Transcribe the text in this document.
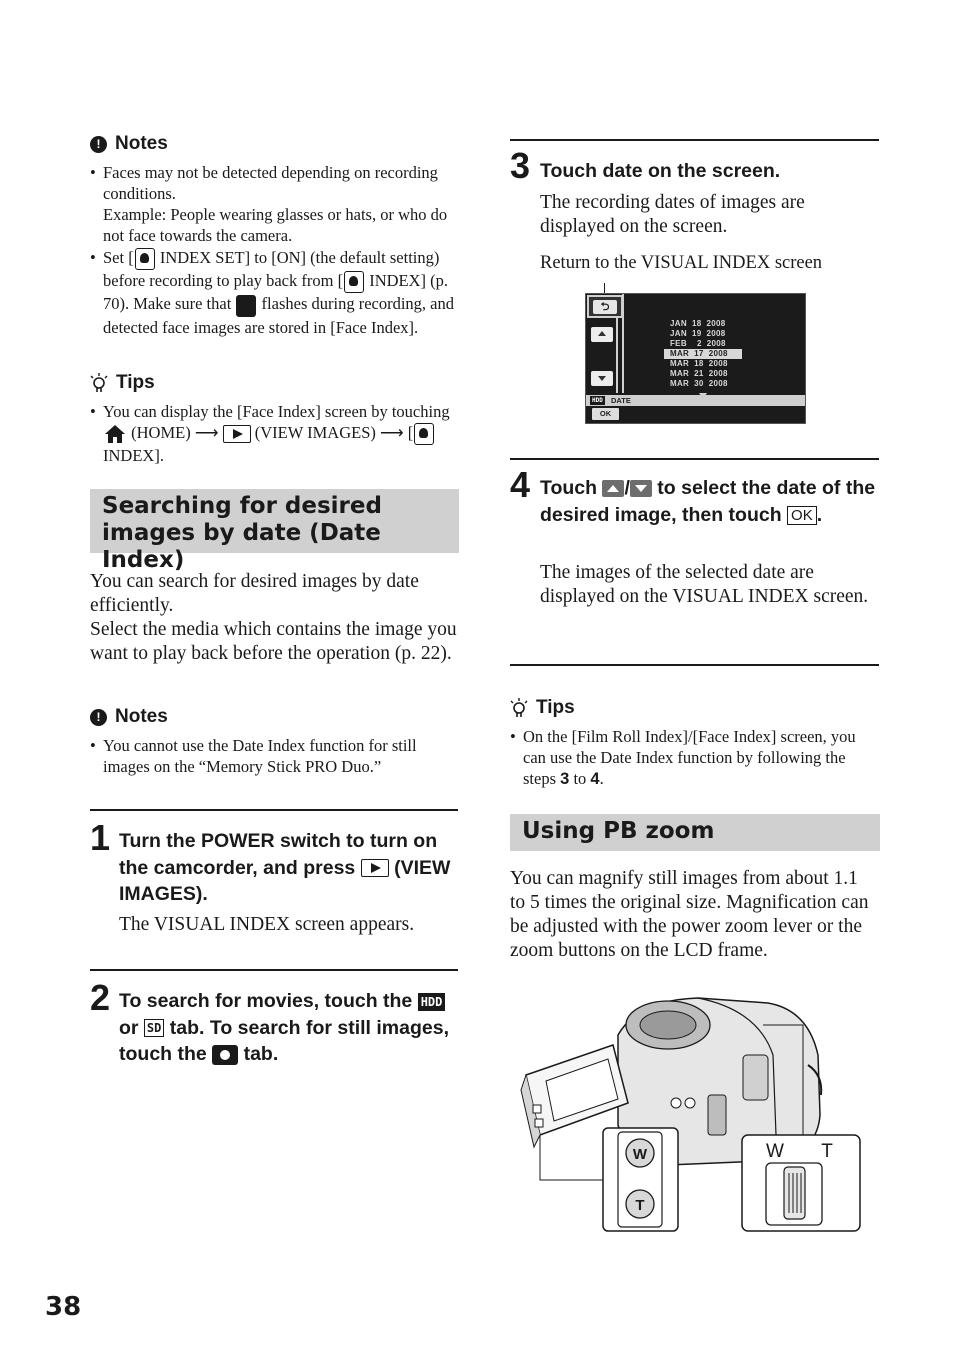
! Notes
• Faces may not be detected depending on recording conditions.
Example: People wearing glasses or hats, or who do not face towards the camera.
• Set [ INDEX SET] to [ON] (the default setting) before recording to play back from [ INDEX] (p. 70). Make sure that  flashes during recording, and detected face images are stored in [Face Index].
Tips
• You can display the [Face Index] screen by touching  (HOME) ⟶  (VIEW IMAGES) ⟶ [ INDEX].
Searching for desired images by date (Date Index)
You can search for desired images by date efficiently.
Select the media which contains the image you want to play back before the operation (p. 22).
! Notes
• You cannot use the Date Index function for still images on the “Memory Stick PRO Duo.”
1 Turn the POWER switch to turn on the camcorder, and press  (VIEW IMAGES).
The VISUAL INDEX screen appears.
2 To search for movies, touch the HDD or SD tab. To search for still images, touch the  tab.
3 Touch date on the screen.
The recording dates of images are displayed on the screen.
Return to the VISUAL INDEX screen
⮌
JAN  18  2008
JAN  19  2008
FEB    2  2008
MAR  17  2008
MAR  18  2008
MAR  21  2008
MAR  30  2008
HDD DATE
OK
4 Touch / to select the date of the desired image, then touch OK .
The images of the selected date are displayed on the VISUAL INDEX screen.
Tips
• On the [Film Roll Index]/[Face Index] screen, you can use the Date Index function by following the steps 3 to 4.
Using PB zoom
You can magnify still images from about 1.1 to 5 times the original size. Magnification can be adjusted with the power zoom lever or the zoom buttons on the LCD frame.
W
T
W T
38
